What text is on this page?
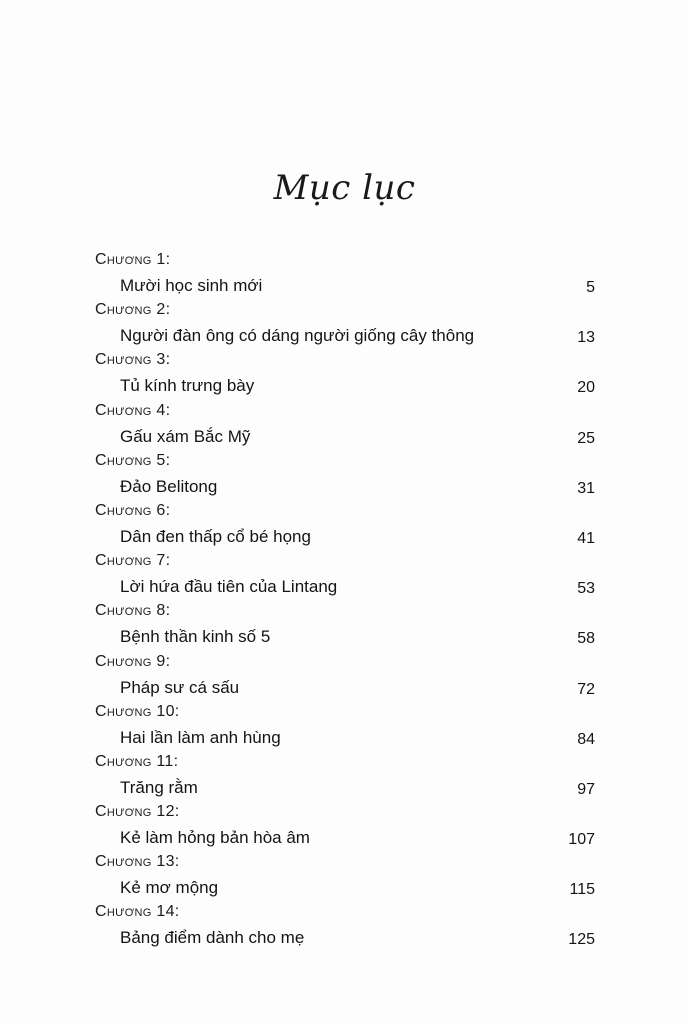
Mục lục
Chương 1:
Mười học sinh mới	5
Chương 2:
Người đàn ông có dáng người giống cây thông	13
Chương 3:
Tủ kính trưng bày	20
Chương 4:
Gấu xám Bắc Mỹ	25
Chương 5:
Đảo Belitong	31
Chương 6:
Dân đen thấp cổ bé họng	41
Chương 7:
Lời hứa đầu tiên của Lintang	53
Chương 8:
Bệnh thần kinh số 5	58
Chương 9:
Pháp sư cá sấu	72
Chương 10:
Hai lần làm anh hùng	84
Chương 11:
Trăng rằm	97
Chương 12:
Kẻ làm hỏng bản hòa âm	107
Chương 13:
Kẻ mơ mộng	115
Chương 14:
Bảng điểm dành cho mẹ	125
